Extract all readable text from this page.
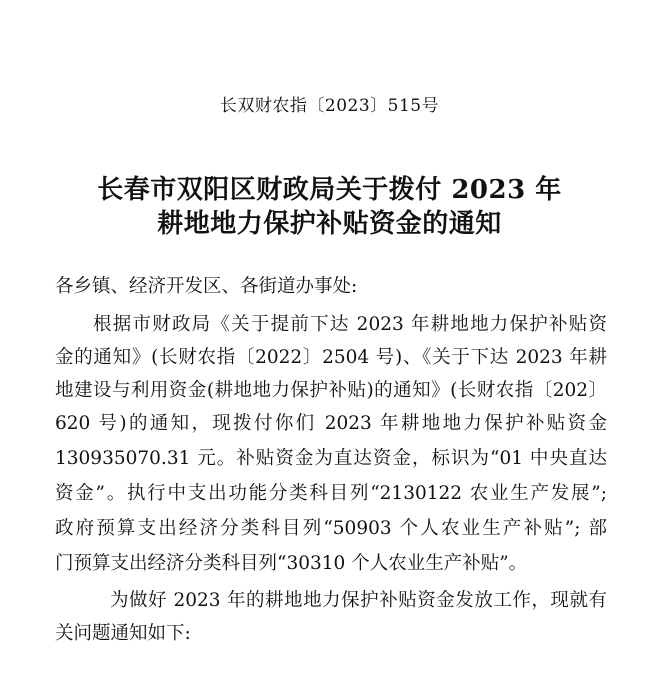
长双财农指〔2023〕515号
长春市双阳区财政局关于拨付 2023 年
耕地地力保护补贴资金的通知
各乡镇、经济开发区、各街道办事处:
根据市财政局《关于提前下达 2023 年耕地地力保护补贴资
金的通知》(长财农指〔2022〕2504 号)、《关于下达 2023 年耕
地建设与利用资金(耕地地力保护补贴)的通知》(长财农指〔202〕
620 号)的通知，现拨付你们 2023 年耕地地力保护补贴资金
130935070.31 元。补贴资金为直达资金，标识为“01 中央直达
资金”。执行中支出功能分类科目列“2130122 农业生产发展”;
政府预算支出经济分类科目列“50903 个人农业生产补贴”; 部
门预算支出经济分类科目列“30310 个人农业生产补贴”。
为做好 2023 年的耕地地力保护补贴资金发放工作，现就有
关问题通知如下:
